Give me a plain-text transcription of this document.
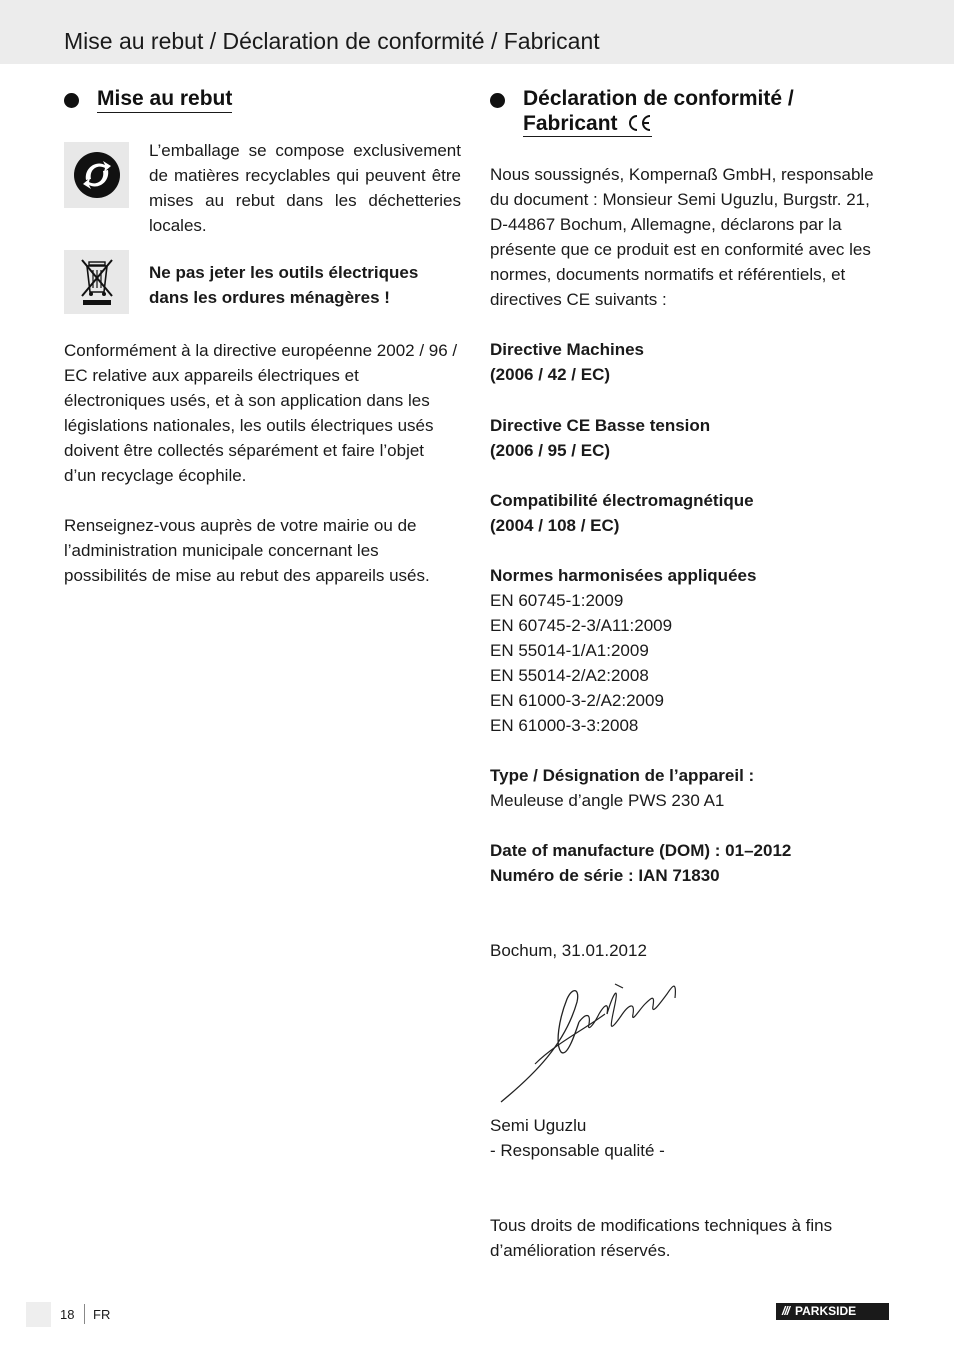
Mise au rebut / Déclaration de conformité / Fabricant
Mise au rebut

L’emballage se compose exclusivement de matières recyclables qui peuvent être mises au rebut dans les déchetteries locales.

Ne pas jeter les outils électriques
dans les ordures ménagères !

Conformément à la directive européenne 2002 / 96 / EC relative aux appareils électriques et électroniques usés, et à son application dans les législations nationales, les outils électriques usés doivent être collectés séparément et faire l’objet d’un recyclage écophile.

Renseignez-vous auprès de votre mairie ou de l’administration municipale concernant les possibilités de mise au rebut des appareils usés.

Déclaration de conformité /
Fabricant

Nous soussignés, Kompernaß GmbH, responsable du document : Monsieur Semi Uguzlu, Burgstr. 21, D-44867 Bochum, Allemagne, déclarons par la présente que ce produit est en conformité avec les normes, documents normatifs et référentiels, et directives CE suivants :

Directive Machines
(2006 / 42 / EC)

Directive CE Basse tension
(2006 / 95 / EC)

Compatibilité électromagnétique
(2004 / 108 / EC)

Normes harmonisées appliquées

EN 60745-1:2009

EN 60745-2-3/A11:2009

EN 55014-1/A1:2009

EN 55014-2/A2:2008

EN 61000-3-2/A2:2009

EN 61000-3-3:2008

Type / Désignation de l’appareil :

Meuleuse d’angle PWS 230 A1

Date of manufacture (DOM) : 01–2012

Numéro de série : IAN 71830

Bochum, 31.01.2012

Semi Uguzlu

- Responsable qualité -

Tous droits de modifications techniques à fins d’amélioration réservés.

18 FR	/// PARKSIDE
